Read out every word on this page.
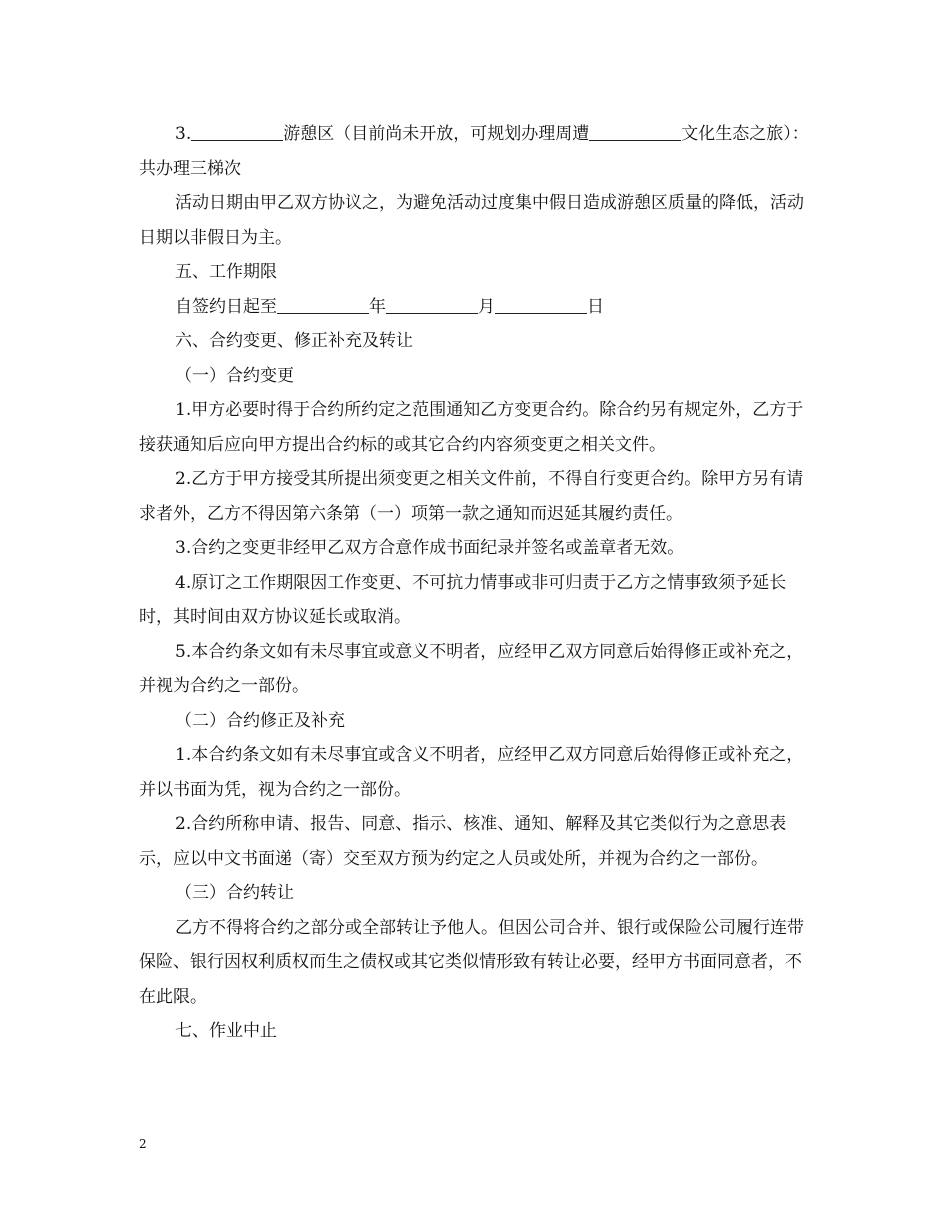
3.	游憩区（目前尚未开放，可规划办理周遭	文化生态之旅）：共办理三梯次

活动日期由甲乙双方协议之，为避免活动过度集中假日造成游憩区质量的降低，活动日期以非假日为主。

五、工作期限

自签约日起至	年	月	日

六、合约变更、修正补充及转让

（一）合约变更

1.甲方必要时得于合约所约定之范围通知乙方变更合约。除合约另有规定外，乙方于接获通知后应向甲方提出合约标的或其它合约内容须变更之相关文件。

2.乙方于甲方接受其所提出须变更之相关文件前，不得自行变更合约。除甲方另有请求者外，乙方不得因第六条第（一）项第一款之通知而迟延其履约责任。

3.合约之变更非经甲乙双方合意作成书面纪录并签名或盖章者无效。

4.原订之工作期限因工作变更、不可抗力情事或非可归责于乙方之情事致须予延长时，其时间由双方协议延长或取消。

5.本合约条文如有未尽事宜或意义不明者，应经甲乙双方同意后始得修正或补充之，并视为合约之一部份。

（二）合约修正及补充

1.本合约条文如有未尽事宜或含义不明者，应经甲乙双方同意后始得修正或补充之，并以书面为凭，视为合约之一部份。

2.合约所称申请、报告、同意、指示、核准、通知、解释及其它类似行为之意思表示，应以中文书面递（寄）交至双方预为约定之人员或处所，并视为合约之一部份。

（三）合约转让

乙方不得将合约之部分或全部转让予他人。但因公司合并、银行或保险公司履行连带保险、银行因权利质权而生之债权或其它类似情形致有转让必要，经甲方书面同意者，不在此限。

七、作业中止

2
